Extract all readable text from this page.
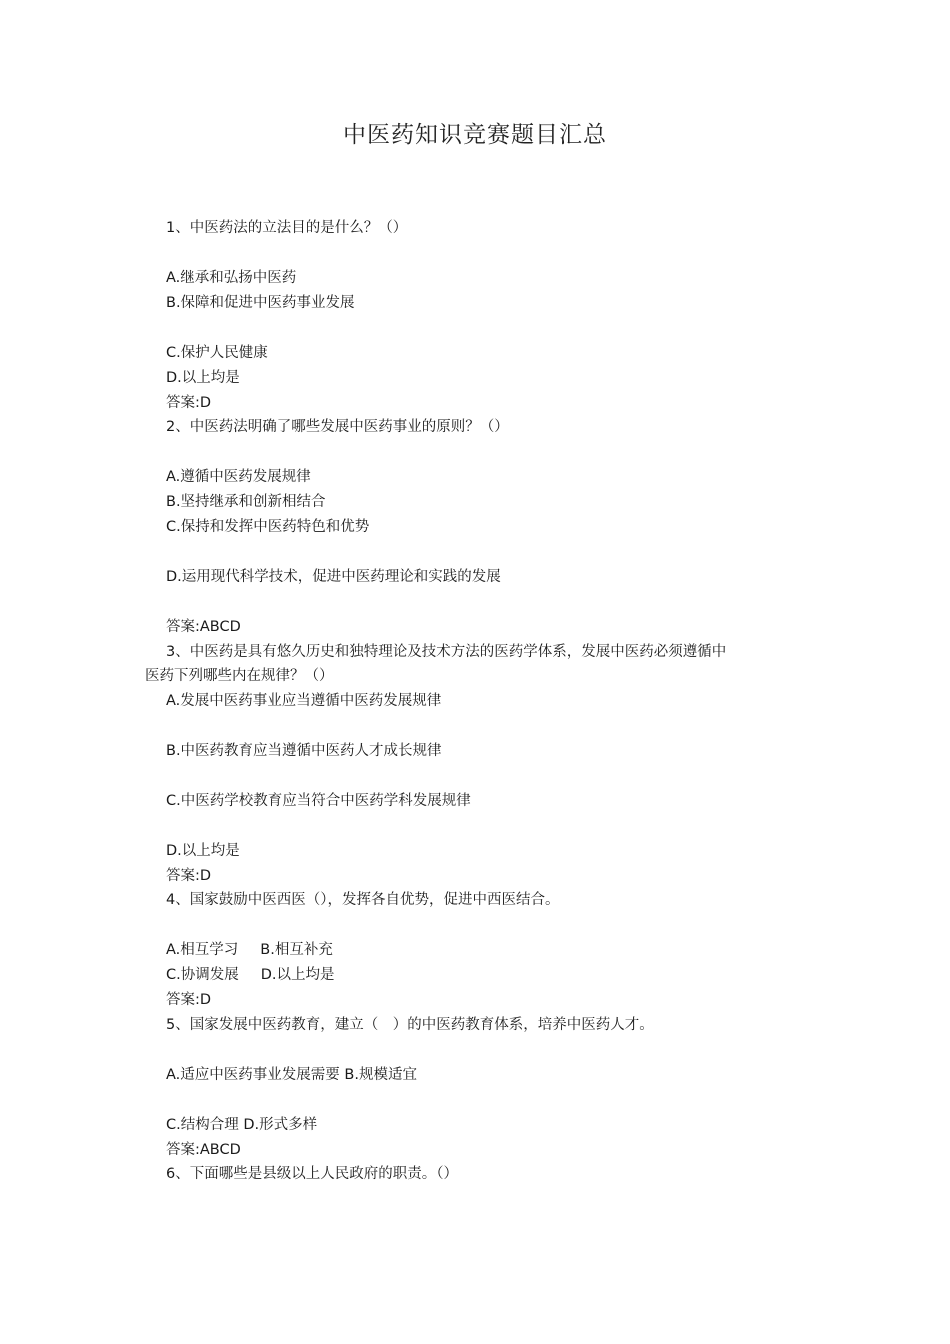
中医药知识竞赛题目汇总
1、中医药法的立法目的是什么？（）
A.继承和弘扬中医药
B.保障和促进中医药事业发展
C.保护人民健康
D.以上均是
答案:D
2、中医药法明确了哪些发展中医药事业的原则？（）
A.遵循中医药发展规律
B.坚持继承和创新相结合
C.保持和发挥中医药特色和优势
D.运用现代科学技术，促进中医药理论和实践的发展
答案:ABCD
3、中医药是具有悠久历史和独特理论及技术方法的医药学体系，发展中医药必须遵循中
医药下列哪些内在规律？（）
A.发展中医药事业应当遵循中医药发展规律
B.中医药教育应当遵循中医药人才成长规律
C.中医药学校教育应当符合中医药学科发展规律
D.以上均是
答案:D
4、国家鼓励中医西医（），发挥各自优势，促进中西医结合。
A.相互学习 B.相互补充
C.协调发展 D.以上均是
答案:D
5、国家发展中医药教育，建立（　）的中医药教育体系，培养中医药人才。
A.适应中医药事业发展需要 B.规模适宜
C.结构合理 D.形式多样
答案:ABCD
6、下面哪些是县级以上人民政府的职责。（）
